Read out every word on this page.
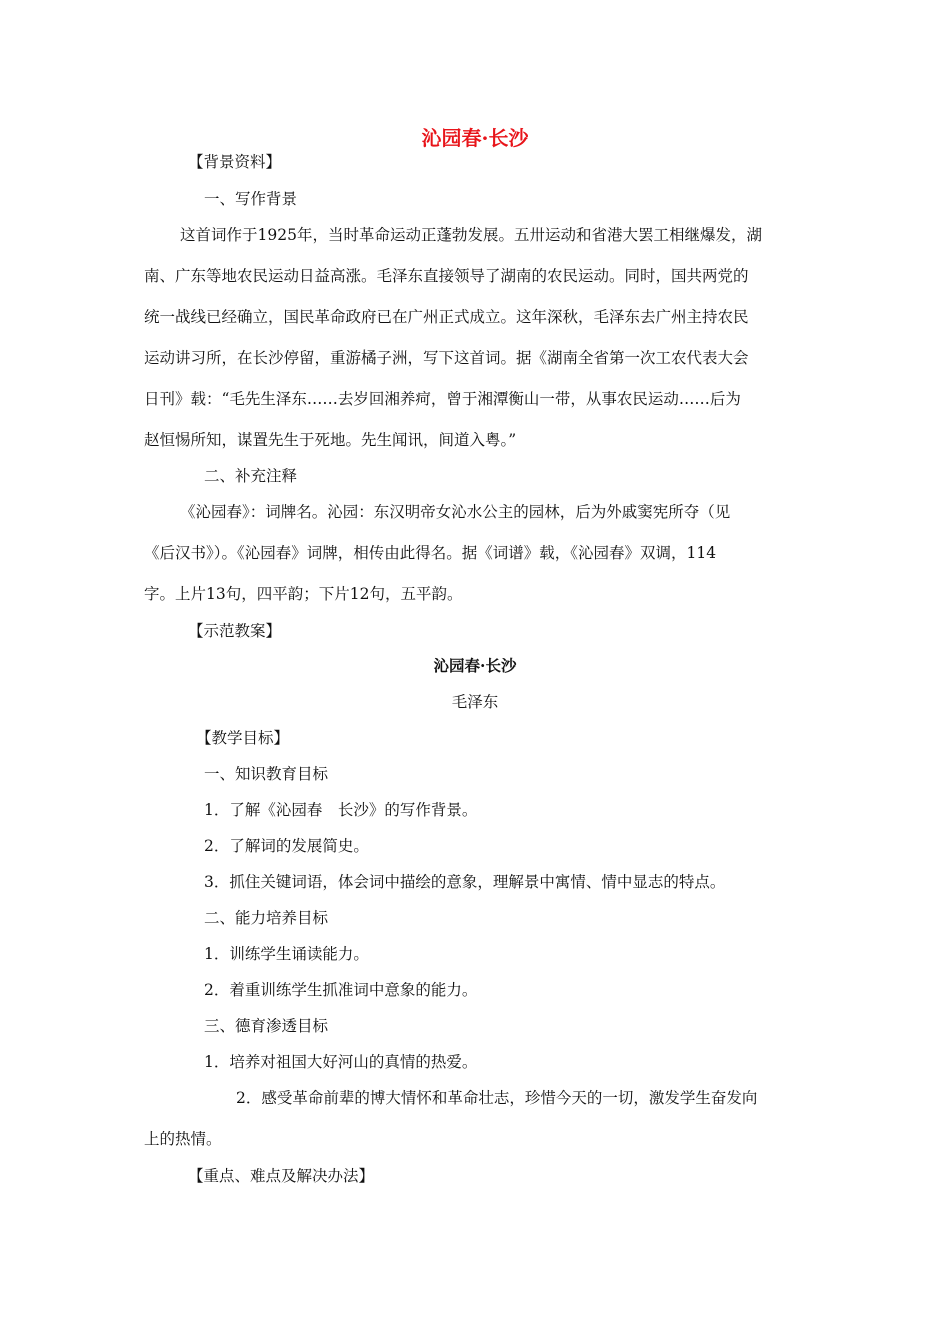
沁园春·长沙
【背景资料】
一、写作背景
这首词作于1925年，当时革命运动正蓬勃发展。五卅运动和省港大罢工相继爆发，湖
南、广东等地农民运动日益高涨。毛泽东直接领导了湖南的农民运动。同时，国共两党的
统一战线已经确立，国民革命政府已在广州正式成立。这年深秋，毛泽东去广州主持农民
运动讲习所，在长沙停留，重游橘子洲，写下这首词。据《湖南全省第一次工农代表大会
日刊》载：“毛先生泽东……去岁回湘养疴，曾于湘潭衡山一带，从事农民运动……后为
赵恒惕所知，谋置先生于死地。先生闻讯，间道入粤。”
二、补充注释
《沁园春》：词牌名。沁园：东汉明帝女沁水公主的园林，后为外戚窦宪所夺（见
《后汉书》）。《沁园春》词牌，相传由此得名。据《词谱》载，《沁园春》双调，114
字。上片13句，四平韵；下片12句，五平韵。
【示范教案】
沁园春·长沙
毛泽东
【教学目标】
一、知识教育目标
1．了解《沁园春　长沙》的写作背景。
2．了解词的发展简史。
3．抓住关键词语，体会词中描绘的意象，理解景中寓情、情中显志的特点。
二、能力培养目标
1．训练学生诵读能力。
2．着重训练学生抓准词中意象的能力。
三、德育渗透目标
1．培养对祖国大好河山的真情的热爱。
2．感受革命前辈的博大情怀和革命壮志，珍惜今天的一切，激发学生奋发向
上的热情。
【重点、难点及解决办法】
